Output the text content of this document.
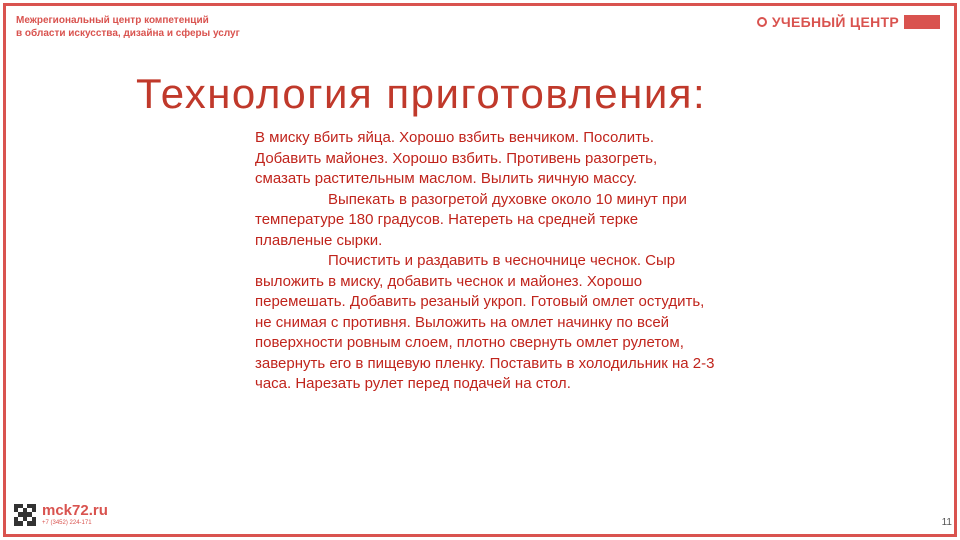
Межрегиональный центр компетенций
в области искусства, дизайна и сферы услуг
УЧЕБНЫЙ ЦЕНТР
Технология приготовления:

В миску вбить яйца. Хорошо взбить венчиком. Посолить. Добавить майонез. Хорошо взбить. Противень разогреть, смазать растительным маслом. Вылить яичную массу.

Выпекать в разогретой духовке около 10 минут при температуре 180 градусов. Натереть на средней терке плавленые сырки.

Почистить и раздавить в чесночнице чеснок. Сыр выложить в миску, добавить чеснок и майонез. Хорошо перемешать. Добавить резаный укроп. Готовый омлет остудить, не снимая с противня. Выложить на омлет начинку по всей поверхности ровным слоем, плотно свернуть омлет рулетом, завернуть его в пищевую пленку. Поставить в холодильник на 2-3 часа. Нарезать рулет перед подачей на стол.

mck72.ru
+7 (3452) 224-171	11
